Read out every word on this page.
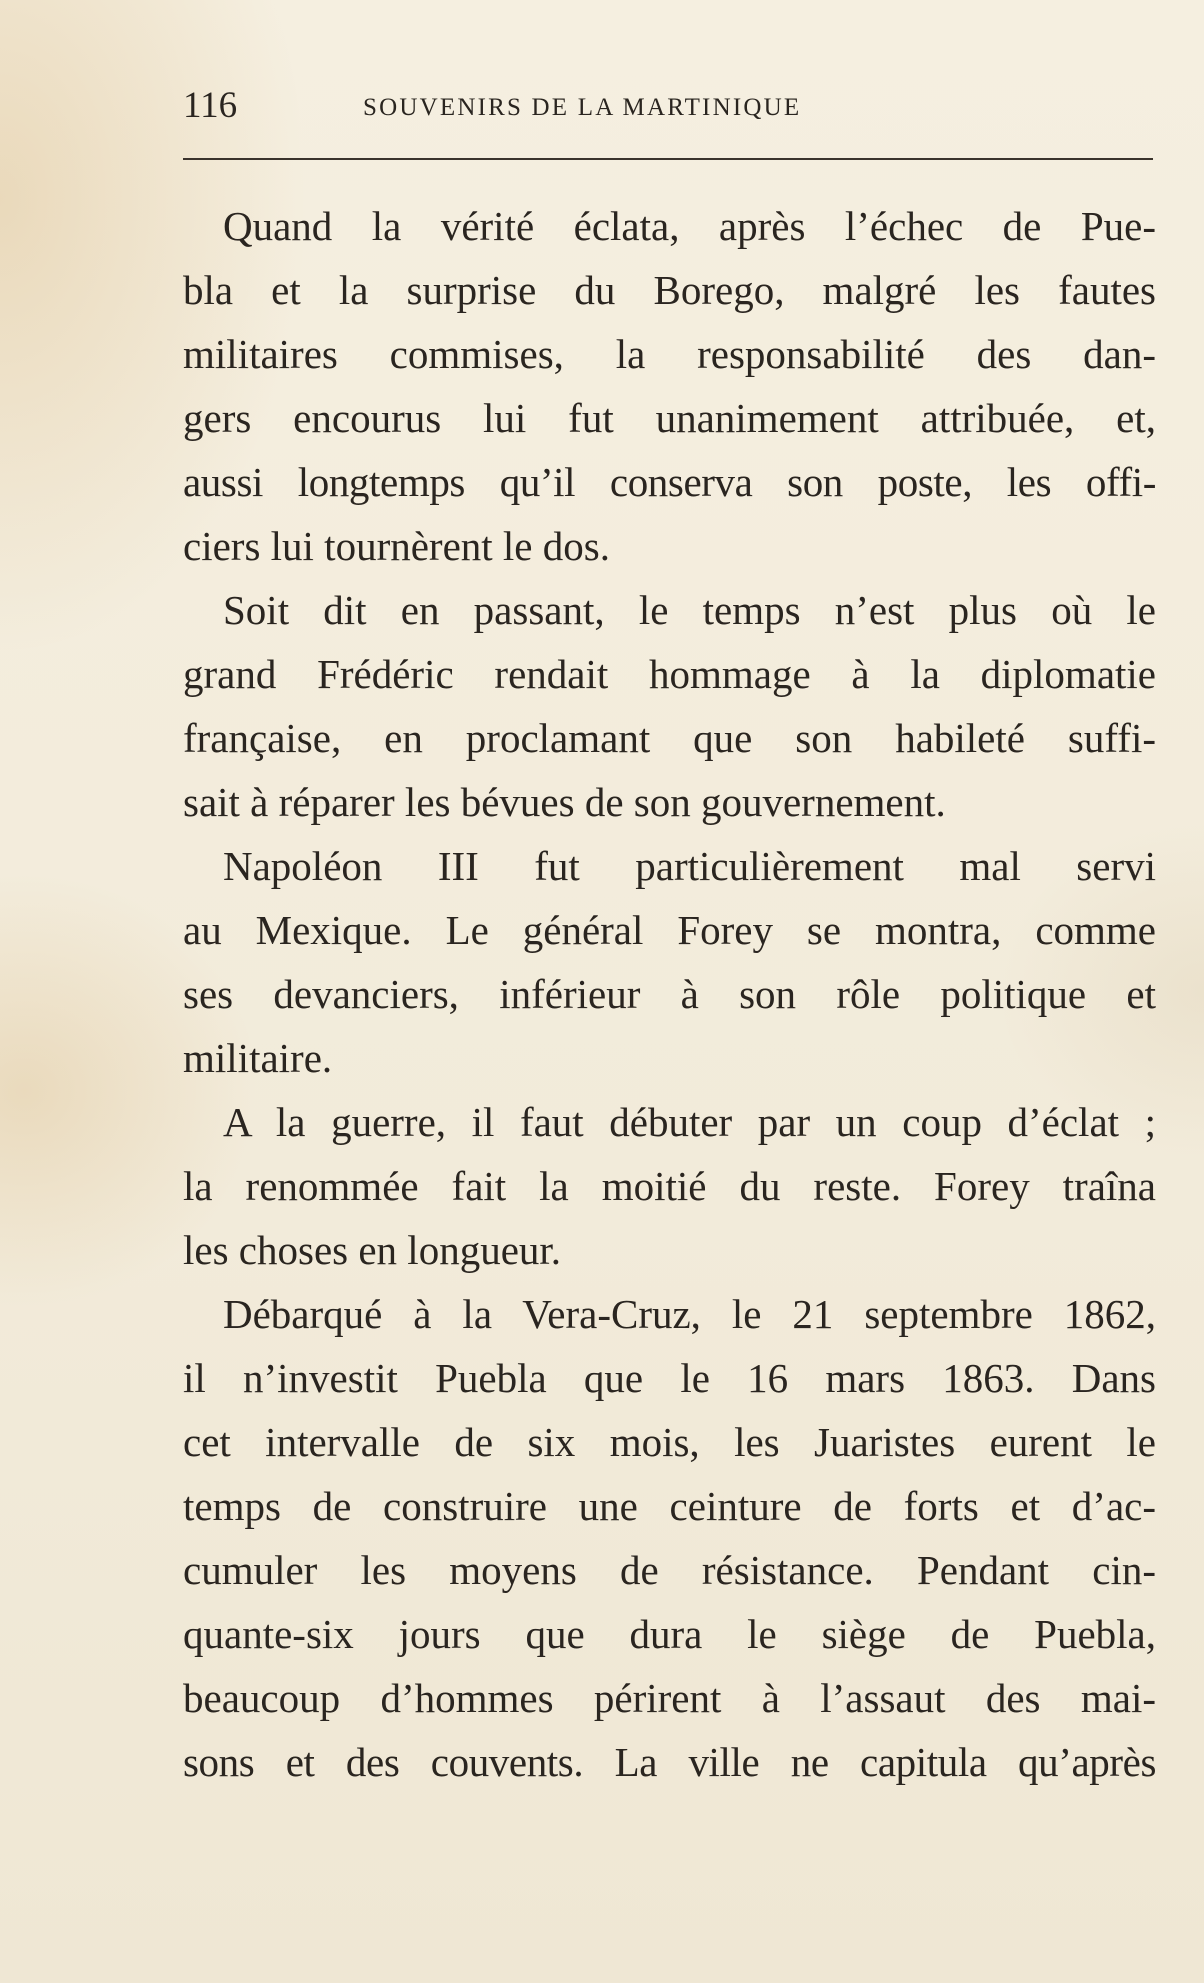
116	SOUVENIRS DE LA MARTINIQUE
Quand la vérité éclata, après l’échec de Pue-
bla et la surprise du Borego, malgré les fautes
militaires commises, la responsabilité des dan-
gers encourus lui fut unanimement attribuée, et,
aussi longtemps qu’il conserva son poste, les offi-
ciers lui tournèrent le dos.
Soit dit en passant, le temps n’est plus où le
grand Frédéric rendait hommage à la diplomatie
française, en proclamant que son habileté suffi-
sait à réparer les bévues de son gouvernement.
Napoléon III fut particulièrement mal servi
au Mexique. Le général Forey se montra, comme
ses devanciers, inférieur à son rôle politique et
militaire.
A la guerre, il faut débuter par un coup d’éclat ;
la renommée fait la moitié du reste. Forey traîna
les choses en longueur.
Débarqué à la Vera-Cruz, le 21 septembre 1862,
il n’investit Puebla que le 16 mars 1863. Dans
cet intervalle de six mois, les Juaristes eurent le
temps de construire une ceinture de forts et d’ac-
cumuler les moyens de résistance. Pendant cin-
quante-six jours que dura le siège de Puebla,
beaucoup d’hommes périrent à l’assaut des mai-
sons et des couvents. La ville ne capitula qu’après
